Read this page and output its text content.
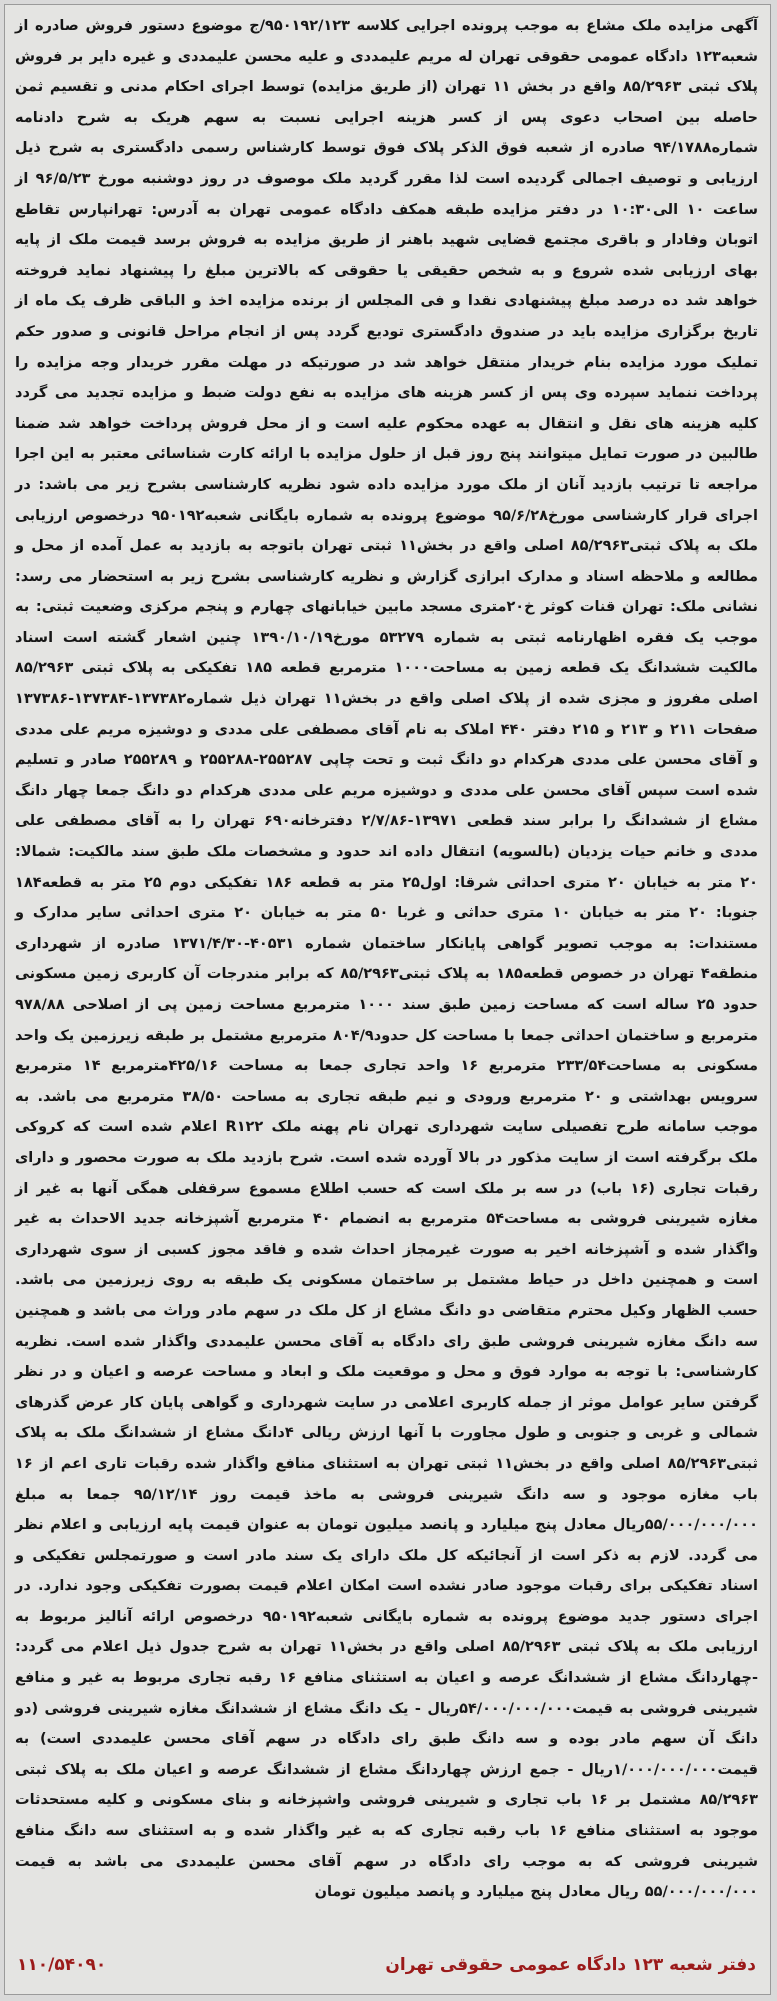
آگهی مزایده ملک مشاع به موجب پرونده اجرایی کلاسه ۹۵۰۱۹۲/۱۲۳/ج موضوع دستور فروش صادره از شعبه۱۲۳ دادگاه عمومی حقوقی تهران له مریم علیمددی و علیه محسن علیمددی و غیره دایر بر فروش پلاک ثبتی ۸۵/۲۹۶۳ واقع در بخش ۱۱ تهران (از طریق مزایده) توسط اجرای احکام مدنی و تقسیم ثمن حاصله بین اصحاب دعوی پس از کسر هزینه اجرایی نسبت به سهم هریک به شرح دادنامه شماره۹۴/۱۷۸۸ صادره از شعبه فوق الذکر پلاک فوق توسط کارشناس رسمی دادگستری به شرح ذیل ارزیابی و توصیف اجمالی گردیده است لذا مقرر گردید ملک موصوف در روز دوشنبه مورخ ۹۶/۵/۲۳ از ساعت ۱۰ الی۱۰:۳۰ در دفتر مزایده طبقه همکف دادگاه عمومی تهران به آدرس: تهرانپارس تقاطع اتوبان وفادار و باقری مجتمع قضایی شهید باهنر از طریق مزایده به فروش برسد قیمت ملک از پایه بهای ارزیابی شده شروع و به شخص حقیقی یا حقوقی که بالاترین مبلغ را پیشنهاد نماید فروخته خواهد شد ده درصد مبلغ پیشنهادی نقدا و فی المجلس از برنده مزایده اخذ و الباقی ظرف یک ماه از تاریخ برگزاری مزایده باید در صندوق دادگستری تودیع گردد پس از انجام مراحل قانونی و صدور حکم تملیک مورد مزایده بنام خریدار منتقل خواهد شد در صورتیکه در مهلت مقرر خریدار وجه مزایده را پرداخت ننماید سپرده وی پس از کسر هزینه های مزایده به نفع دولت ضبط و مزایده تجدید می گردد کلیه هزینه های نقل و انتقال به عهده محکوم علیه است و از محل فروش پرداخت خواهد شد ضمنا طالبین در صورت تمایل میتوانند پنج روز قبل از حلول مزایده با ارائه کارت شناسائی معتبر به این اجرا مراجعه تا ترتیب بازدید آنان از ملک مورد مزایده داده شود نظریه کارشناسی بشرح زیر می باشد: در اجرای قرار کارشناسی مورخ۹۵/۶/۲۸ موضوع پرونده به شماره بایگانی شعبه۹۵۰۱۹۲ درخصوص ارزیابی ملک به پلاک ثبتی۸۵/۲۹۶۳ اصلی واقع در بخش۱۱ ثبتی تهران باتوجه به بازدید به عمل آمده از محل و مطالعه و ملاحظه اسناد و مدارک ابرازی گزارش و نظریه کارشناسی بشرح زیر به استحضار می رسد: نشانی ملک: تهران قنات کوثر خ۲۰متری مسجد مابین خیابانهای چهارم و پنجم مرکزی وضعیت ثبتی: به موجب یک فقره اظهارنامه ثبتی به شماره ۵۳۲۷۹ مورخ۱۳۹۰/۱۰/۱۹ چنین اشعار گشته است اسناد مالکیت ششدانگ یک قطعه زمین به مساحت۱۰۰۰ مترمربع قطعه ۱۸۵ تفکیکی به پلاک ثبتی ۸۵/۲۹۶۳ اصلی مفروز و مجزی شده از پلاک اصلی واقع در بخش۱۱ تهران ذیل شماره۱۳۷۳۸۲-۱۳۷۳۸۴-۱۳۷۳۸۶ صفحات ۲۱۱ و ۲۱۳ و ۲۱۵ دفتر ۴۴۰ املاک به نام آقای مصطفی علی مددی و دوشیزه مریم علی مددی و آقای محسن علی مددی هرکدام دو دانگ ثبت و تحت چاپی ۲۵۵۲۸۷-۲۵۵۲۸۸ و ۲۵۵۲۸۹ صادر و تسلیم شده است سپس آقای محسن علی مددی و دوشیزه مریم علی مددی هرکدام دو دانگ جمعا چهار دانگ مشاع از ششدانگ را برابر سند قطعی ۱۳۹۷۱-۲/۷/۸۶ دفترخانه۶۹۰ تهران را به آقای مصطفی علی مددی و خانم حیات یزدیان (بالسویه) انتقال داده اند حدود و مشخصات ملک طبق سند مالکیت: شمالا: ۲۰ متر به خیابان ۲۰ متری احداثی شرقا: اول۲۵ متر به قطعه ۱۸۶ تفکیکی دوم ۲۵ متر به قطعه۱۸۴ جنوبا: ۲۰ متر به خیابان ۱۰ متری حداثی و غربا ۵۰ متر به خیابان ۲۰ متری احداثی سایر مدارک و مستندات: به موجب تصویر گواهی پایانکار ساختمان شماره ۴۰۵۳۱-۱۳۷۱/۴/۳۰ صادره از شهرداری منطقه۴ تهران در خصوص قطعه۱۸۵ به پلاک ثبتی۸۵/۲۹۶۳ که برابر مندرجات آن کاربری زمین مسکونی حدود ۲۵ ساله است که مساحت زمین طبق سند ۱۰۰۰ مترمربع مساحت زمین پی از اصلاحی ۹۷۸/۸۸ مترمربع و ساختمان احداثی جمعا با مساحت کل حدود۸۰۴/۹ مترمربع مشتمل بر طبقه زیرزمین یک واحد مسکونی به مساحت۲۳۳/۵۴ مترمربع ۱۶ واحد تجاری جمعا به مساحت ۴۲۵/۱۶مترمربع ۱۴ مترمربع سرویس بهداشتی و ۲۰ مترمربع ورودی و نیم طبقه تجاری به مساحت ۳۸/۵۰ مترمربع می باشد. به موجب سامانه طرح تفصیلی سایت شهرداری تهران نام پهنه ملک R۱۲۲ اعلام شده است که کروکی ملک برگرفته است از سایت مذکور در بالا آورده شده است. شرح بازدید ملک به صورت محصور و دارای رقبات تجاری (۱۶ باب) در سه بر ملک است که حسب اطلاع مسموع سرقفلی همگی آنها به غیر از مغازه شیرینی فروشی به مساحت۵۴ مترمربع به انضمام ۴۰ مترمربع آشپزخانه جدید الاحداث به غیر واگذار شده و آشپزخانه اخیر به صورت غیرمجاز احداث شده و فاقد مجوز کسبی از سوی شهرداری است و همچنین داخل در حیاط مشتمل بر ساختمان مسکونی یک طبقه به روی زیرزمین می باشد. حسب الظهار وکیل محترم متقاضی دو دانگ مشاع از کل ملک در سهم مادر وراث می باشد و همچنین سه دانگ مغازه شیرینی فروشی طبق رای دادگاه به آقای محسن علیمددی واگذار شده است. نظریه کارشناسی: با توجه به موارد فوق و محل و موقعیت ملک و ابعاد و مساحت عرصه و اعیان و در نظر گرفتن سایر عوامل موثر از جمله کاربری اعلامی در سایت شهرداری و گواهی پایان کار عرض گذرهای شمالی و غربی و جنوبی و طول مجاورت با آنها ارزش ریالی ۴دانگ مشاع از ششدانگ ملک به پلاک ثبتی۸۵/۲۹۶۳ اصلی واقع در بخش۱۱ ثبتی تهران به استثنای منافع واگذار شده رقبات تاری اعم از ۱۶ باب مغازه موجود و سه دانگ شیرینی فروشی به ماخذ قیمت روز ۹۵/۱۲/۱۴ جمعا به مبلغ ۵۵/۰۰۰/۰۰۰/۰۰۰ریال معادل پنج میلیارد و پانصد میلیون تومان به عنوان قیمت پایه ارزیابی و اعلام نظر می گردد. لازم به ذکر است از آنجائیکه کل ملک دارای یک سند مادر است و صورتمجلس تفکیکی و اسناد تفکیکی برای رقبات موجود صادر نشده است امکان اعلام قیمت بصورت تفکیکی وجود ندارد. در اجرای دستور جدید موضوع پرونده به شماره بایگانی شعبه۹۵۰۱۹۲ درخصوص ارائه آنالیز مربوط به ارزیابی ملک به پلاک ثبتی ۸۵/۲۹۶۳ اصلی واقع در بخش۱۱ تهران به شرح جدول ذیل اعلام می گردد: -چهاردانگ مشاع از ششدانگ عرصه و اعیان به استثنای منافع ۱۶ رقبه تجاری مربوط به غیر و منافع شیرینی فروشی به قیمت۵۴/۰۰۰/۰۰۰/۰۰۰ریال - یک دانگ مشاع از ششدانگ مغازه شیرینی فروشی (دو دانگ آن سهم مادر بوده و سه دانگ طبق رای دادگاه در سهم آقای محسن علیمددی است) به قیمت۱/۰۰۰/۰۰۰/۰۰۰ریال - جمع ارزش چهاردانگ مشاع از ششدانگ عرصه و اعیان ملک به پلاک ثبتی ۸۵/۲۹۶۳ مشتمل بر ۱۶ باب تجاری و شیرینی فروشی واشپزخانه و بنای مسکونی و کلیه مستحدثات موجود به استثنای منافع ۱۶ باب رقبه تجاری که به غیر واگذار شده و به استثنای سه دانگ منافع شیرینی فروشی که به موجب رای دادگاه در سهم آقای محسن علیمددی می باشد به قیمت ۵۵/۰۰۰/۰۰۰/۰۰۰ ریال معادل پنج میلیارد و پانصد میلیون تومان
دفتر شعبه ۱۲۳ دادگاه عمومی حقوقی تهران
۱۱۰/۵۴۰۹۰
